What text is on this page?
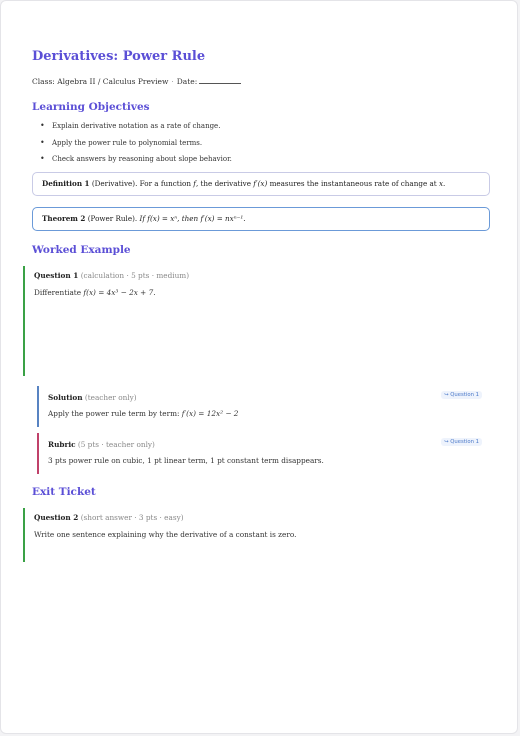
Derivatives: Power Rule
Class: Algebra II / Calculus Preview · Date:
Learning Objectives
• Explain derivative notation as a rate of change.
• Apply the power rule to polynomial terms.
• Check answers by reasoning about slope behavior.
Definition 1 (Derivative). For a function f, the derivative f′(x) measures the instantaneous rate of change at x.
Theorem 2 (Power Rule). If f(x) = xⁿ, then f′(x) = nxⁿ⁻¹.
Worked Example
Question 1 (calculation · 5 pts · medium)
Differentiate f(x) = 4x³ − 2x + 7.
Solution (teacher only)
Apply the power rule term by term: f′(x) = 12x² − 2
↪ Question 1
Rubric (5 pts · teacher only)
3 pts power rule on cubic, 1 pt linear term, 1 pt constant term disappears.
↪ Question 1
Exit Ticket
Question 2 (short answer · 3 pts · easy)
Write one sentence explaining why the derivative of a constant is zero.
